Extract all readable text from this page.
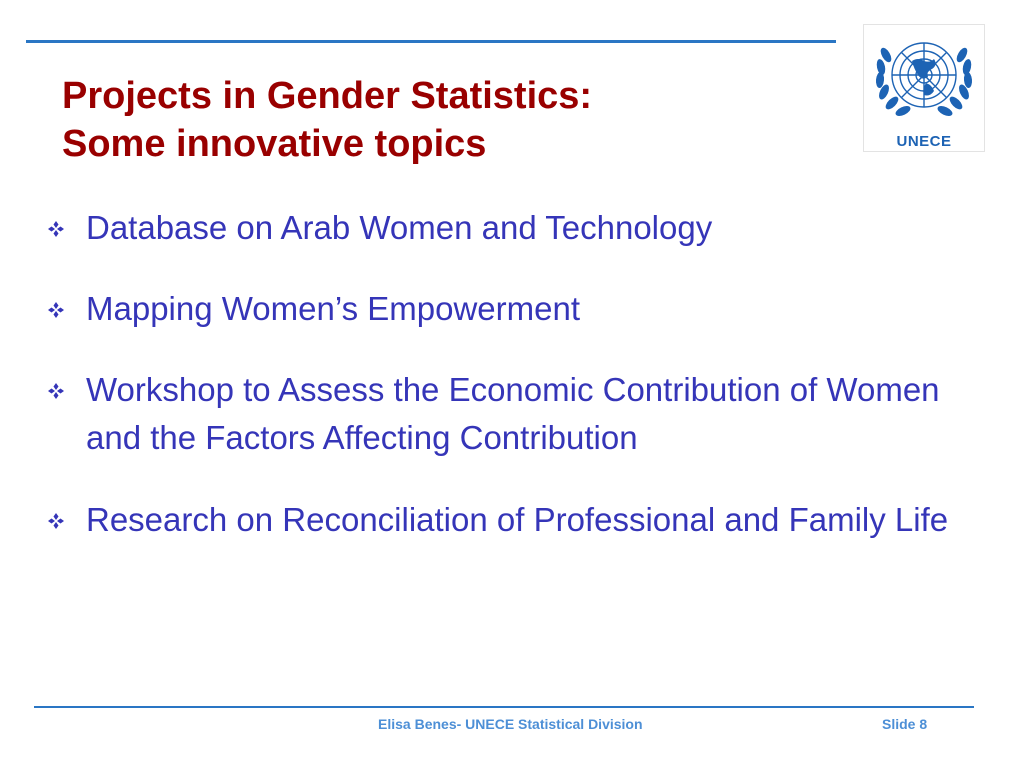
Projects in Gender Statistics:
Some innovative topics	UNECE
Database on Arab Women and Technology
Mapping Women’s Empowerment
Workshop to Assess the Economic Contribution of Women and the Factors Affecting Contribution
Research on Reconciliation of Professional and Family Life
Elisa Benes- UNECE Statistical Division	Slide 8
